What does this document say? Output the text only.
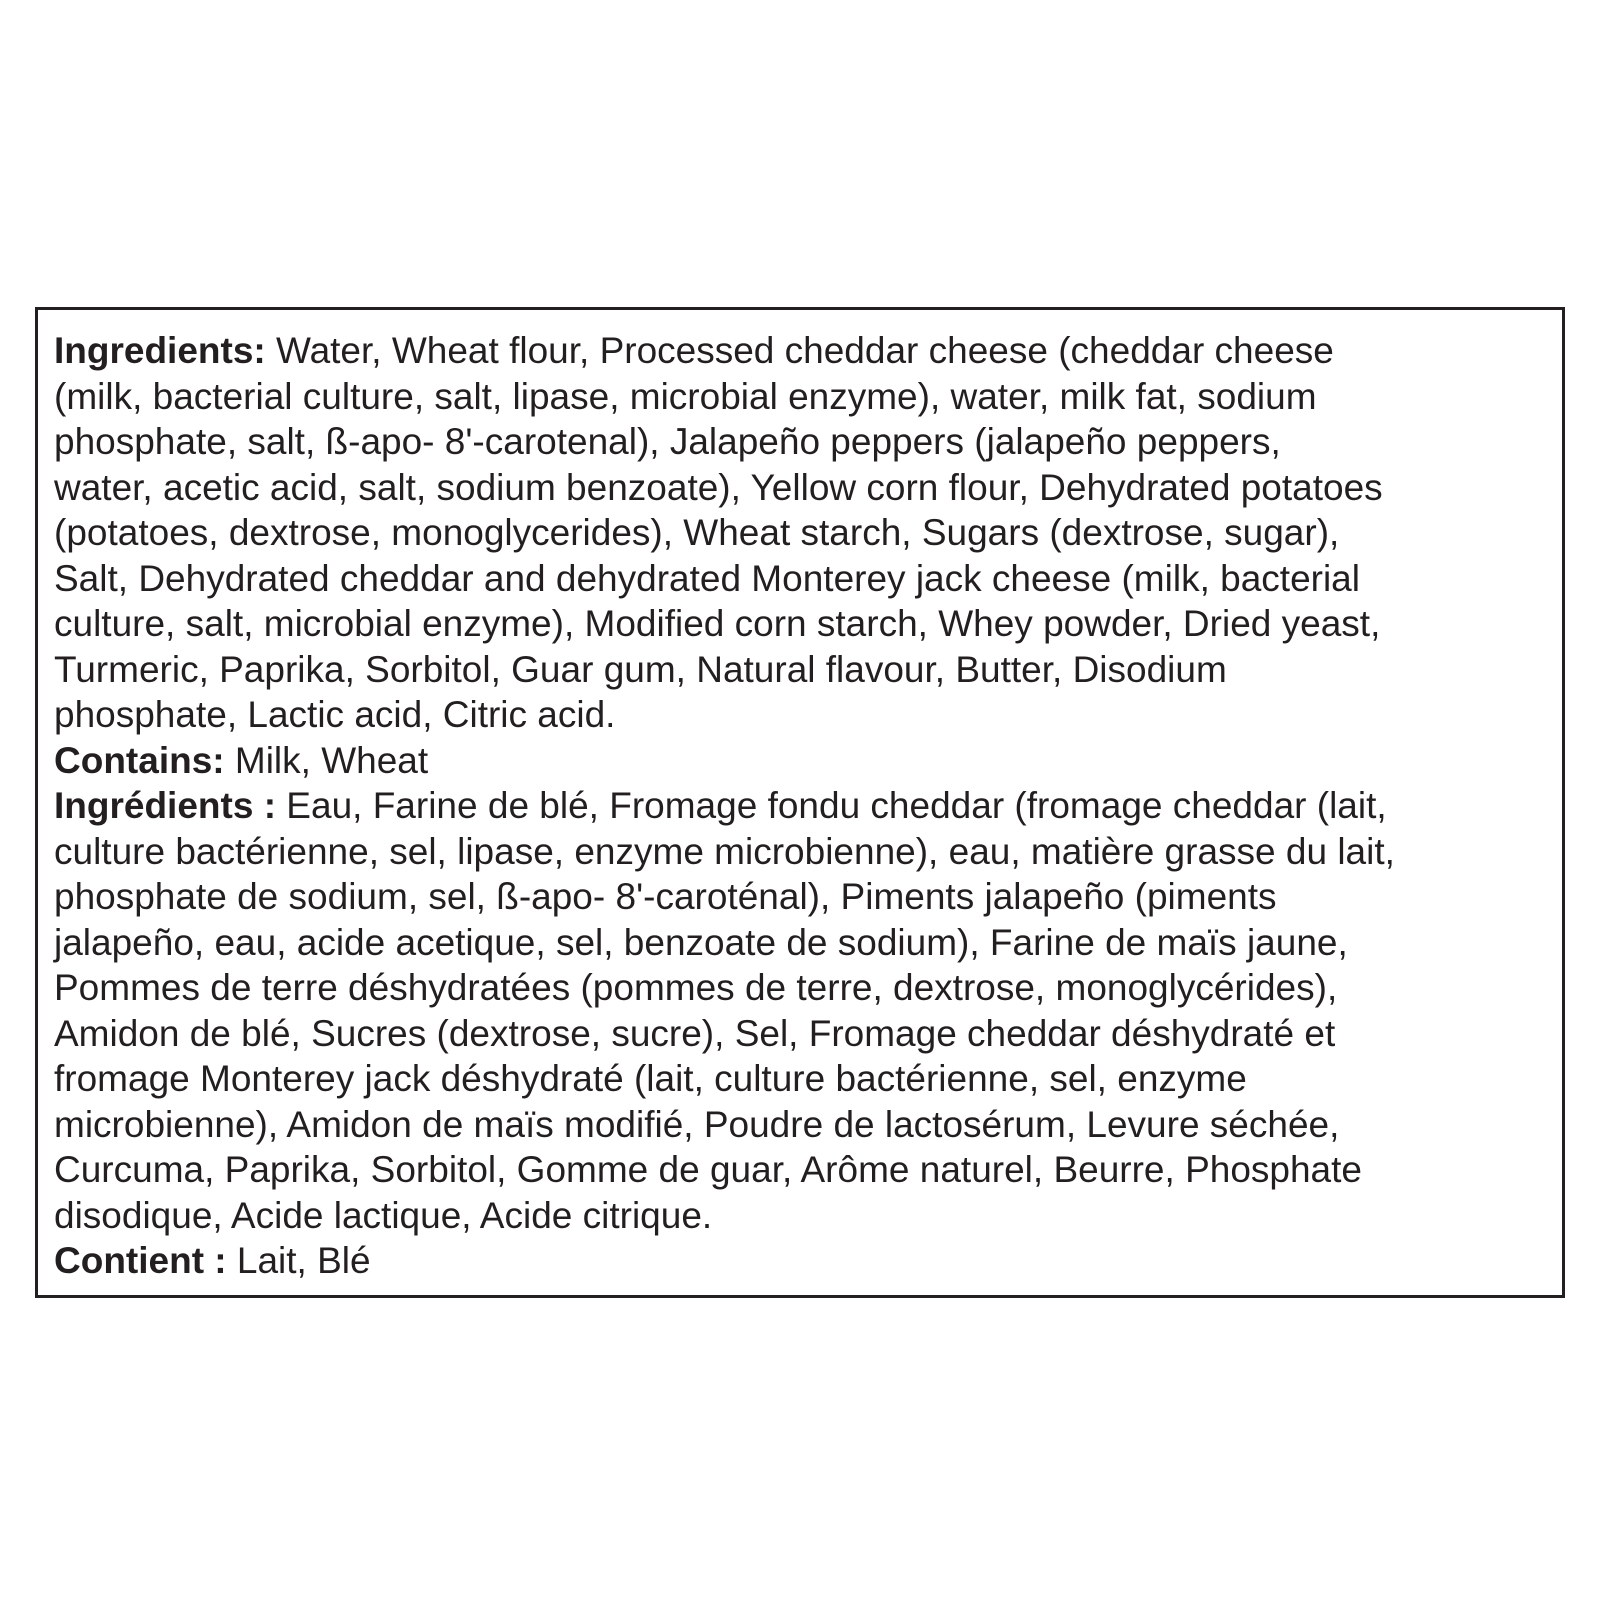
Ingredients: Water, Wheat flour, Processed cheddar cheese (cheddar cheese

(milk, bacterial culture, salt, lipase, microbial enzyme), water, milk fat, sodium

phosphate, salt, ß-apo- 8'-carotenal), Jalapeño peppers (jalapeño peppers,

water, acetic acid, salt, sodium benzoate), Yellow corn flour, Dehydrated potatoes

(potatoes, dextrose, monoglycerides), Wheat starch, Sugars (dextrose, sugar),

Salt, Dehydrated cheddar and dehydrated Monterey jack cheese (milk, bacterial

culture, salt, microbial enzyme), Modified corn starch, Whey powder, Dried yeast,

Turmeric, Paprika, Sorbitol, Guar gum, Natural flavour, Butter, Disodium

phosphate, Lactic acid, Citric acid.

Contains: Milk, Wheat

Ingrédients : Eau, Farine de blé, Fromage fondu cheddar (fromage cheddar (lait,

culture bactérienne, sel, lipase, enzyme microbienne), eau, matière grasse du lait,

phosphate de sodium, sel, ß-apo- 8'-caroténal), Piments jalapeño (piments

jalapeño, eau, acide acetique, sel, benzoate de sodium), Farine de maïs jaune,

Pommes de terre déshydratées (pommes de terre, dextrose, monoglycérides),

Amidon de blé, Sucres (dextrose, sucre), Sel, Fromage cheddar déshydraté et

fromage Monterey jack déshydraté (lait, culture bactérienne, sel, enzyme

microbienne), Amidon de maïs modifié, Poudre de lactosérum, Levure séchée,

Curcuma, Paprika, Sorbitol, Gomme de guar, Arôme naturel, Beurre, Phosphate

disodique, Acide lactique, Acide citrique.

Contient : Lait, Blé
